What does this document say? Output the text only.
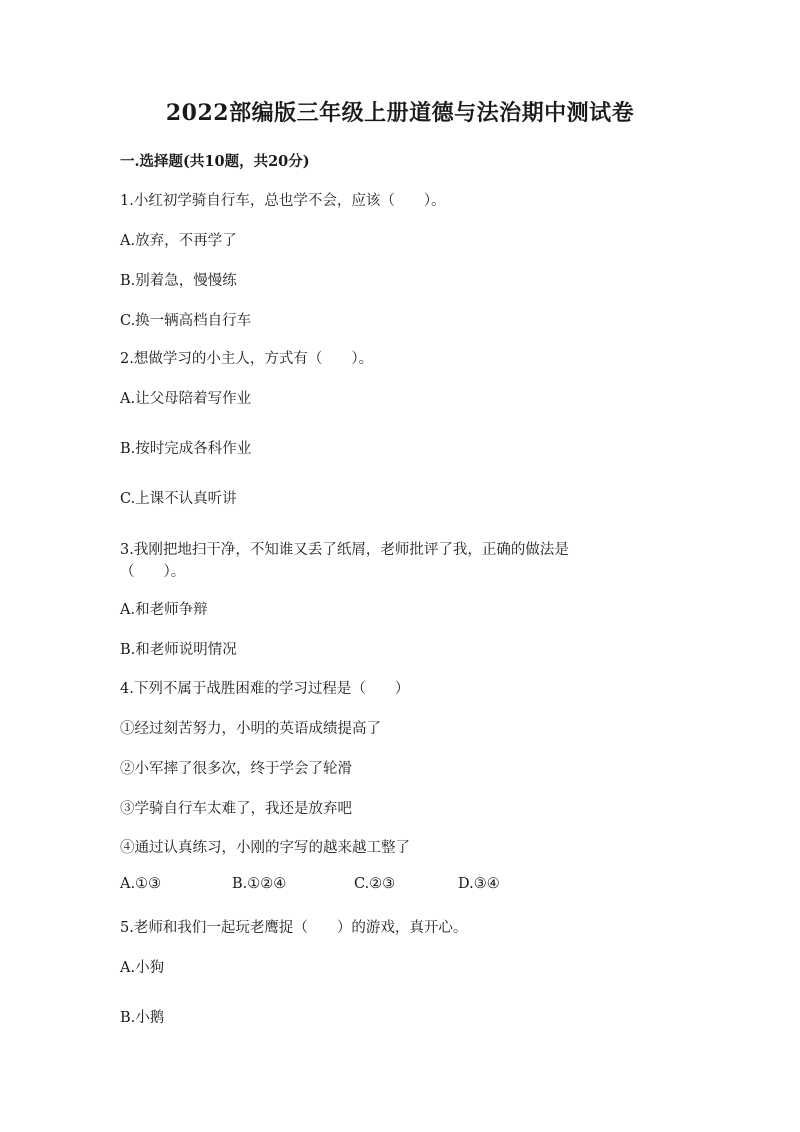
2022部编版三年级上册道德与法治期中测试卷
一.选择题(共10题，共20分)
1.小红初学骑自行车，总也学不会，应该（　　）。
A.放弃，不再学了
B.别着急，慢慢练
C.换一辆高档自行车
2.想做学习的小主人，方式有（　　）。
A.让父母陪着写作业
B.按时完成各科作业
C.上课不认真听讲
3.我刚把地扫干净，不知谁又丢了纸屑，老师批评了我，正确的做法是
（　　）。
A.和老师争辩
B.和老师说明情况
4.下列不属于战胜困难的学习过程是（　　）
①经过刻苦努力，小明的英语成绩提高了
②小军摔了很多次，终于学会了轮滑
③学骑自行车太难了，我还是放弃吧
④通过认真练习，小刚的字写的越来越工整了
A.①③	B.①②④	C.②③	D.③④
5.老师和我们一起玩老鹰捉（　　）的游戏，真开心。
A.小狗
B.小鹅
